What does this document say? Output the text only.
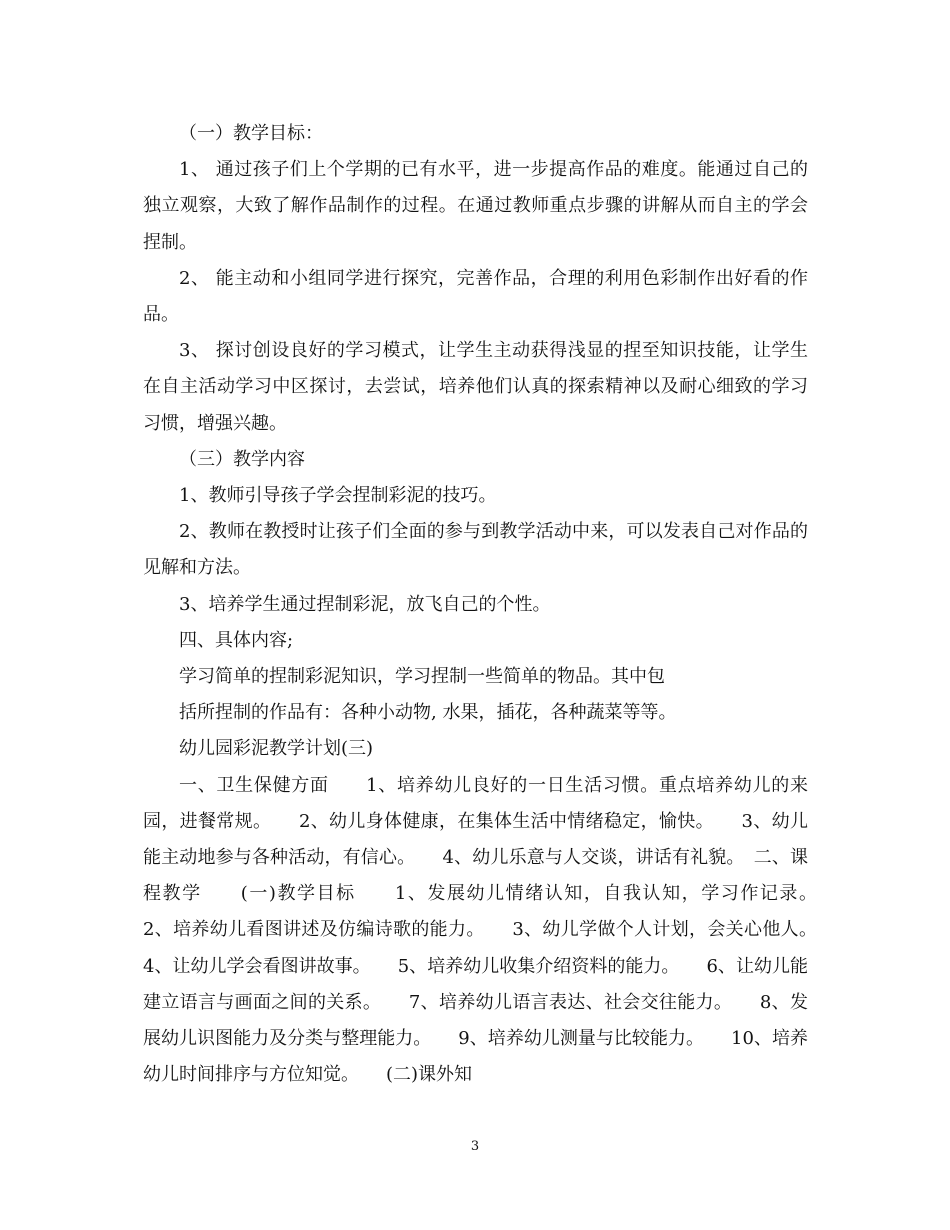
（一）教学目标：

1、 通过孩子们上个学期的已有水平，进一步提高作品的难度。能通过自己的独立观察，大致了解作品制作的过程。在通过教师重点步骤的讲解从而自主的学会捏制。

2、 能主动和小组同学进行探究，完善作品，合理的利用色彩制作出好看的作品。

3、 探讨创设良好的学习模式，让学生主动获得浅显的捏至知识技能，让学生在自主活动学习中区探讨，去尝试，培养他们认真的探索精神以及耐心细致的学习习惯，增强兴趣。

（三）教学内容

1、教师引导孩子学会捏制彩泥的技巧。

2、教师在教授时让孩子们全面的参与到教学活动中来，可以发表自己对作品的见解和方法。

3、培养学生通过捏制彩泥，放飞自己的个性。

四、具体内容;

学习简单的捏制彩泥知识，学习捏制一些简单的物品。其中包

括所捏制的作品有：各种小动物, 水果，插花，各种蔬菜等等。

幼儿园彩泥教学计划(三)

一、卫生保健方面　　1、培养幼儿良好的一日生活习惯。重点培养幼儿的来园，进餐常规。　　2、幼儿身体健康，在集体生活中情绪稳定，愉快。　　3、幼儿能主动地参与各种活动，有信心。　　4、幼儿乐意与人交谈，讲话有礼貌。　二、课程教学　　(一)教学目标　　1、发展幼儿情绪认知，自我认知，学习作记录。　　2、培养幼儿看图讲述及仿编诗歌的能力。　　3、幼儿学做个人计划，会关心他人。　　4、让幼儿学会看图讲故事。　　5、培养幼儿收集介绍资料的能力。　　6、让幼儿能建立语言与画面之间的关系。　　7、培养幼儿语言表达、社会交往能力。　　8、发展幼儿识图能力及分类与整理能力。　　9、培养幼儿测量与比较能力。　　10、培养幼儿时间排序与方位知觉。　　(二)课外知

3
